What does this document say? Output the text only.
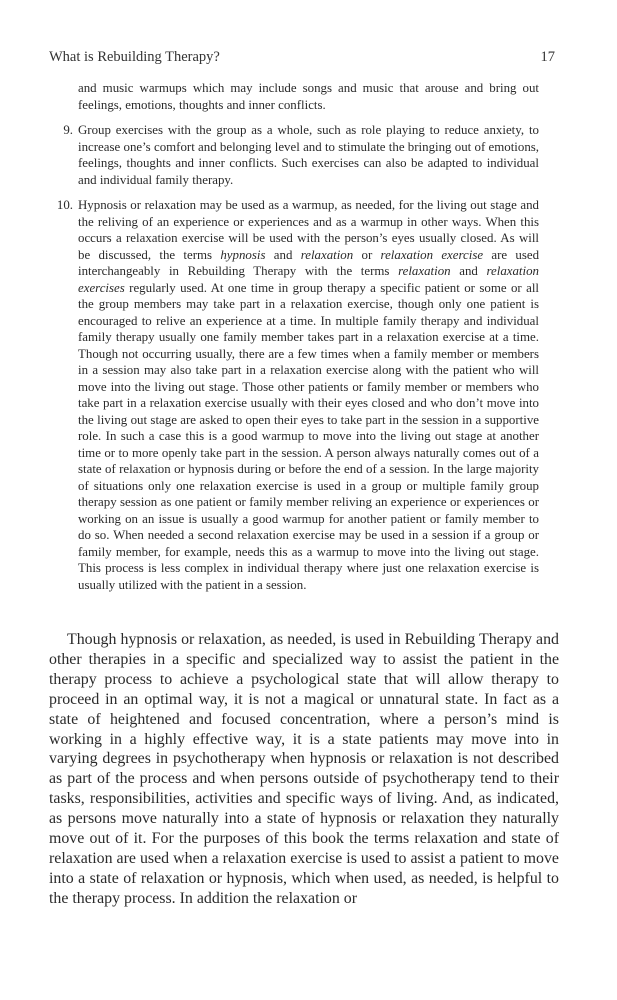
What is Rebuilding Therapy?	17
and music warmups which may include songs and music that arouse and bring out feelings, emotions, thoughts and inner conflicts.
9. Group exercises with the group as a whole, such as role playing to reduce anxiety, to increase one’s comfort and belonging level and to stimulate the bringing out of emotions, feelings, thoughts and inner conflicts. Such exercises can also be adapted to individual and individual family therapy.
10. Hypnosis or relaxation may be used as a warmup, as needed, for the living out stage and the reliving of an experience or experiences and as a warmup in other ways. When this occurs a relaxation exercise will be used with the person’s eyes usually closed. As will be discussed, the terms hypnosis and relaxation or relaxation exercise are used interchangeably in Rebuilding Therapy with the terms relaxation and relaxation exercises regularly used. At one time in group therapy a specific patient or some or all the group members may take part in a relaxation exercise, though only one patient is encouraged to relive an experience at a time. In multiple family therapy and individual family therapy usually one family member takes part in a relaxation exercise at a time. Though not occurring usually, there are a few times when a family member or members in a session may also take part in a relaxation exercise along with the patient who will move into the living out stage. Those other patients or family member or members who take part in a relaxation exercise usually with their eyes closed and who don’t move into the living out stage are asked to open their eyes to take part in the session in a supportive role. In such a case this is a good warmup to move into the living out stage at another time or to more openly take part in the session. A person always naturally comes out of a state of relaxation or hypnosis during or before the end of a session. In the large majority of situations only one relaxation exercise is used in a group or multiple family group therapy session as one patient or family member reliving an experience or experiences or working on an issue is usually a good warmup for another patient or family member to do so. When needed a second relaxation exercise may be used in a session if a group or family member, for example, needs this as a warmup to move into the living out stage. This process is less complex in individual therapy where just one relaxation exercise is usually utilized with the patient in a session.

Though hypnosis or relaxation, as needed, is used in Rebuilding Therapy and other therapies in a specific and specialized way to assist the patient in the therapy process to achieve a psychological state that will allow therapy to proceed in an optimal way, it is not a magical or unnatural state. In fact as a state of heightened and focused concentration, where a person’s mind is working in a highly effective way, it is a state patients may move into in varying degrees in psychotherapy when hypnosis or relaxation is not described as part of the process and when persons outside of psychotherapy tend to their tasks, responsibilities, activities and specific ways of living. And, as indicated, as persons move naturally into a state of hypnosis or relaxation they naturally move out of it. For the purposes of this book the terms relaxation and state of relaxation are used when a relaxation exercise is used to assist a patient to move into a state of relaxation or hypnosis, which when used, as needed, is helpful to the therapy process. In addition the relaxation or
